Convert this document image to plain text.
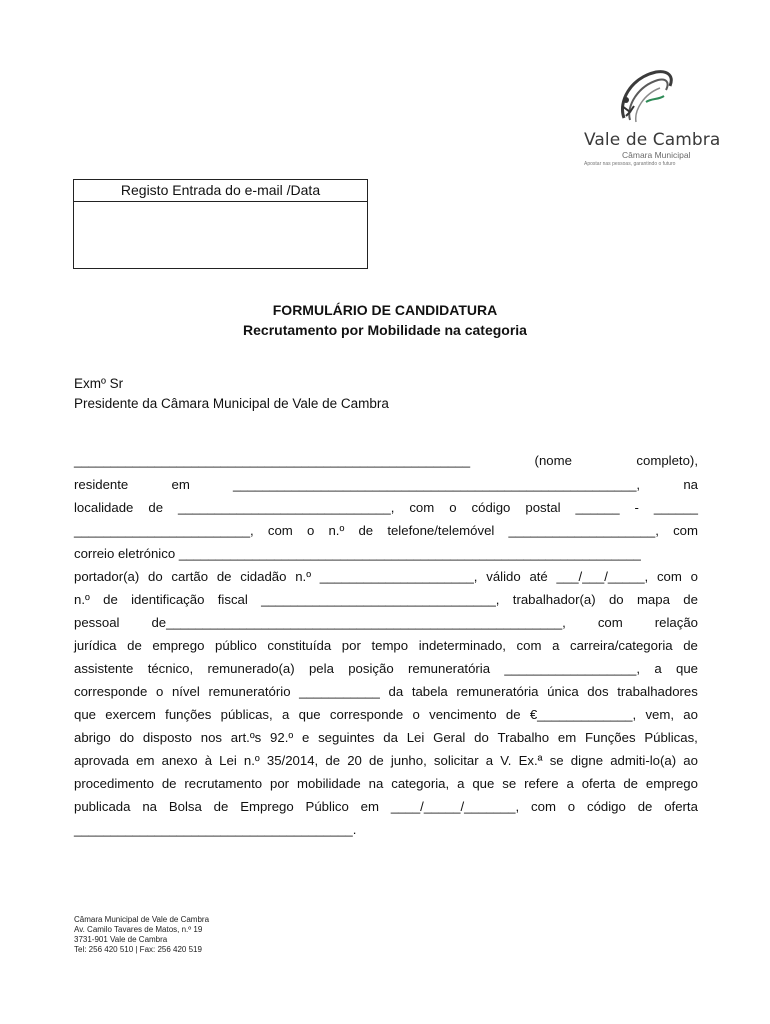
Vale de Cambra
Câmara Municipal
Apostar nas pessoas, garantindo o futuro
Registo Entrada do e-mail /Data
FORMULÁRIO DE CANDIDATURA
Recrutamento por Mobilidade na categoria
Exmº Sr
Presidente da Câmara Municipal de Vale de Cambra
______________________________________________________	(nome	completo),
residente	em	_______________________________________________________,	na
localidade de _____________________________, com o código postal ______ - ______
________________________, com o n.º de telefone/telemóvel ____________________, com
correio eletrónico _______________________________________________________________
portador(a) do cartão de cidadão n.º _____________________, válido até ___/___/_____, com o
n.º de identificação fiscal ________________________________, trabalhador(a) do mapa de
pessoal de______________________________________________________, com relação
jurídica de emprego público constituída por tempo indeterminado, com a carreira/categoria de
assistente técnico, remunerado(a) pela posição remuneratória __________________, a que
corresponde o nível remuneratório ___________ da tabela remuneratória única dos trabalhadores
que exercem funções públicas, a que corresponde o vencimento de €_____________, vem, ao
abrigo do disposto nos art.ºs 92.º e seguintes da Lei Geral do Trabalho em Funções Públicas,
aprovada em anexo à Lei n.º 35/2014, de 20 de junho, solicitar a V. Ex.ª se digne admiti-lo(a) ao
procedimento de recrutamento por mobilidade na categoria, a que se refere a oferta de emprego
publicada na Bolsa de Emprego Público em ____/_____/_______, com o código de oferta
______________________________________.
Câmara Municipal de Vale de Cambra
Av. Camilo Tavares de Matos, n.º 19
3731-901 Vale de Cambra
Tel: 256 420 510 | Fax: 256 420 519
